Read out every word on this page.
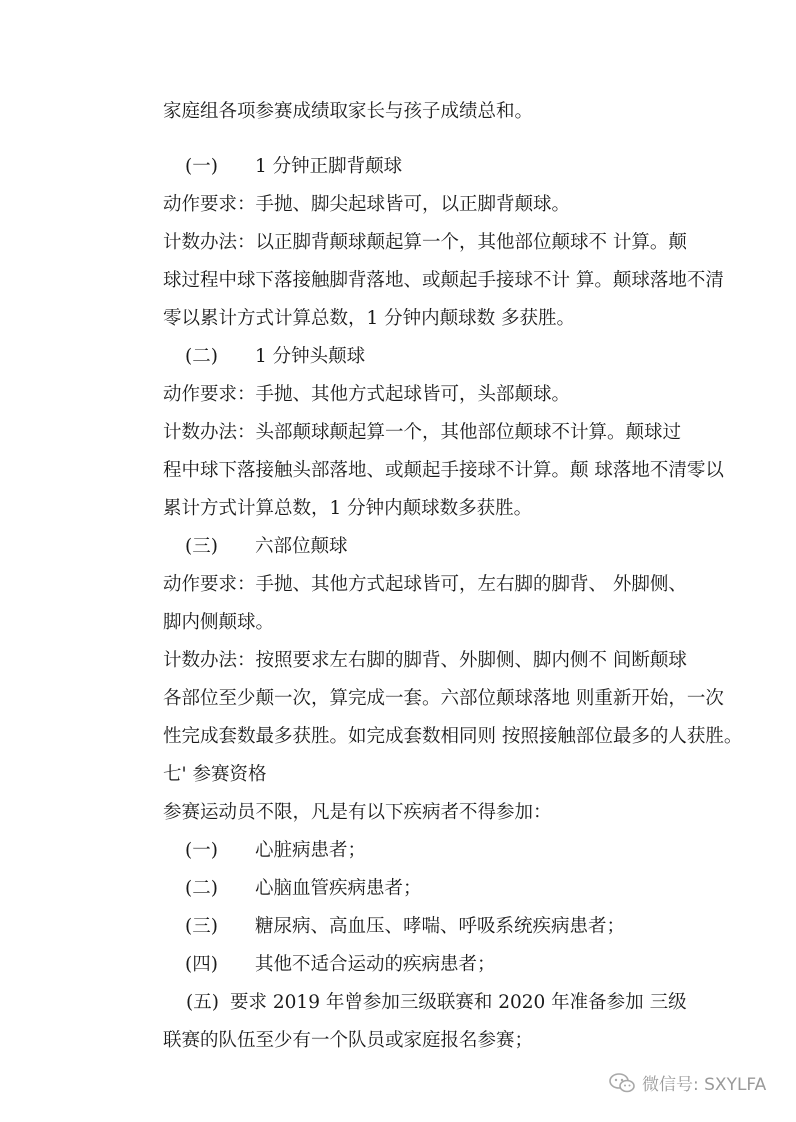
家庭组各项参赛成绩取家长与孩子成绩总和。
(一) 1 分钟正脚背颠球
动作要求：手抛、脚尖起球皆可，以正脚背颠球。
计数办法：以正脚背颠球颠起算一个，其他部位颠球不 计算。颠
球过程中球下落接触脚背落地、或颠起手接球不计 算。颠球落地不清
零以累计方式计算总数，1 分钟内颠球数 多获胜。
(二) 1 分钟头颠球
动作要求：手抛、其他方式起球皆可，头部颠球。
计数办法：头部颠球颠起算一个，其他部位颠球不计算。颠球过
程中球下落接触头部落地、或颠起手接球不计算。颠 球落地不清零以
累计方式计算总数，1 分钟内颠球数多获胜。
(三) 六部位颠球
动作要求：手抛、其他方式起球皆可，左右脚的脚背、 外脚侧、
脚内侧颠球。
计数办法：按照要求左右脚的脚背、外脚侧、脚内侧不 间断颠球
各部位至少颠一次，算完成一套。六部位颠球落地 则重新开始，一次
性完成套数最多获胜。如完成套数相同则 按照接触部位最多的人获胜。
七' 参赛资格
参赛运动员不限，凡是有以下疾病者不得参加：
(一) 心脏病患者；
(二) 心脑血管疾病患者；
(三) 糖尿病、高血压、哮喘、呼吸系统疾病患者；
(四) 其他不适合运动的疾病患者；
(五) 要求 2019 年曾参加三级联赛和 2020 年准备参加 三级
联赛的队伍至少有一个队员或家庭报名参赛；
微信号: SXYLFA
